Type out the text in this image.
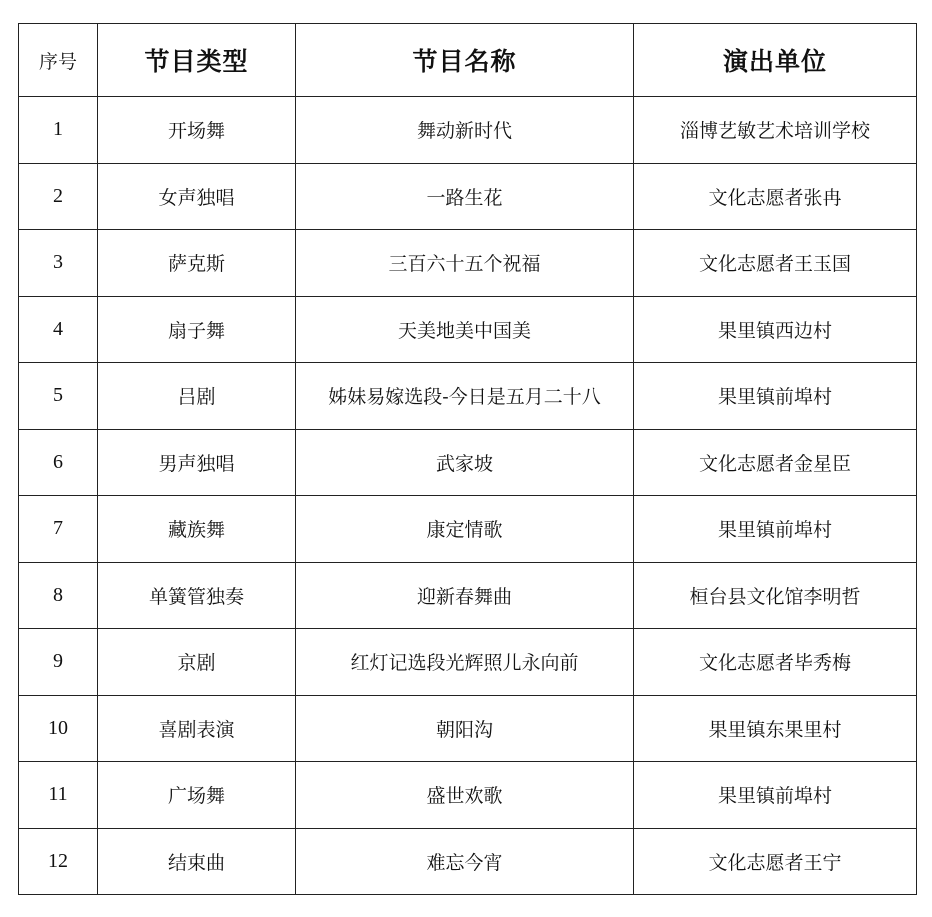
序号	节目类型	节目名称	演出单位
1	开场舞	舞动新时代	淄博艺敏艺术培训学校
2	女声独唱	一路生花	文化志愿者张冉
3	萨克斯	三百六十五个祝福	文化志愿者王玉国
4	扇子舞	天美地美中国美	果里镇西边村
5	吕剧	姊妹易嫁选段-今日是五月二十八	果里镇前埠村
6	男声独唱	武家坡	文化志愿者金星臣
7	藏族舞	康定情歌	果里镇前埠村
8	单簧管独奏	迎新春舞曲	桓台县文化馆李明哲
9	京剧	红灯记选段光辉照儿永向前	文化志愿者毕秀梅
10	喜剧表演	朝阳沟	果里镇东果里村
11	广场舞	盛世欢歌	果里镇前埠村
12	结束曲	难忘今宵	文化志愿者王宁
